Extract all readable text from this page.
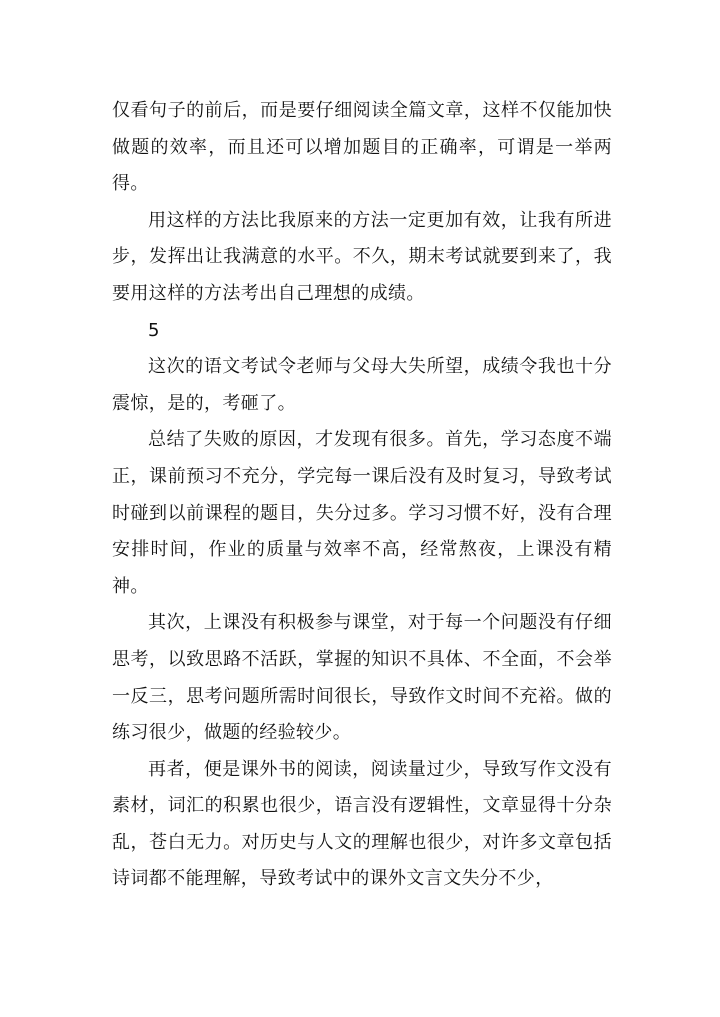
仅看句子的前后，而是要仔细阅读全篇文章，这样不仅能加快做题的效率，而且还可以增加题目的正确率，可谓是一举两得。

用这样的方法比我原来的方法一定更加有效，让我有所进步，发挥出让我满意的水平。不久，期末考试就要到来了，我要用这样的方法考出自己理想的成绩。

5

这次的语文考试令老师与父母大失所望，成绩令我也十分震惊，是的，考砸了。

总结了失败的原因，才发现有很多。首先，学习态度不端正，课前预习不充分，学完每一课后没有及时复习，导致考试时碰到以前课程的题目，失分过多。学习习惯不好，没有合理安排时间，作业的质量与效率不高，经常熬夜，上课没有精神。

其次，上课没有积极参与课堂，对于每一个问题没有仔细思考，以致思路不活跃，掌握的知识不具体、不全面，不会举一反三，思考问题所需时间很长，导致作文时间不充裕。做的练习很少，做题的经验较少。

再者，便是课外书的阅读，阅读量过少，导致写作文没有素材，词汇的积累也很少，语言没有逻辑性，文章显得十分杂乱，苍白无力。对历史与人文的理解也很少，对许多文章包括诗词都不能理解，导致考试中的课外文言文失分不少，
